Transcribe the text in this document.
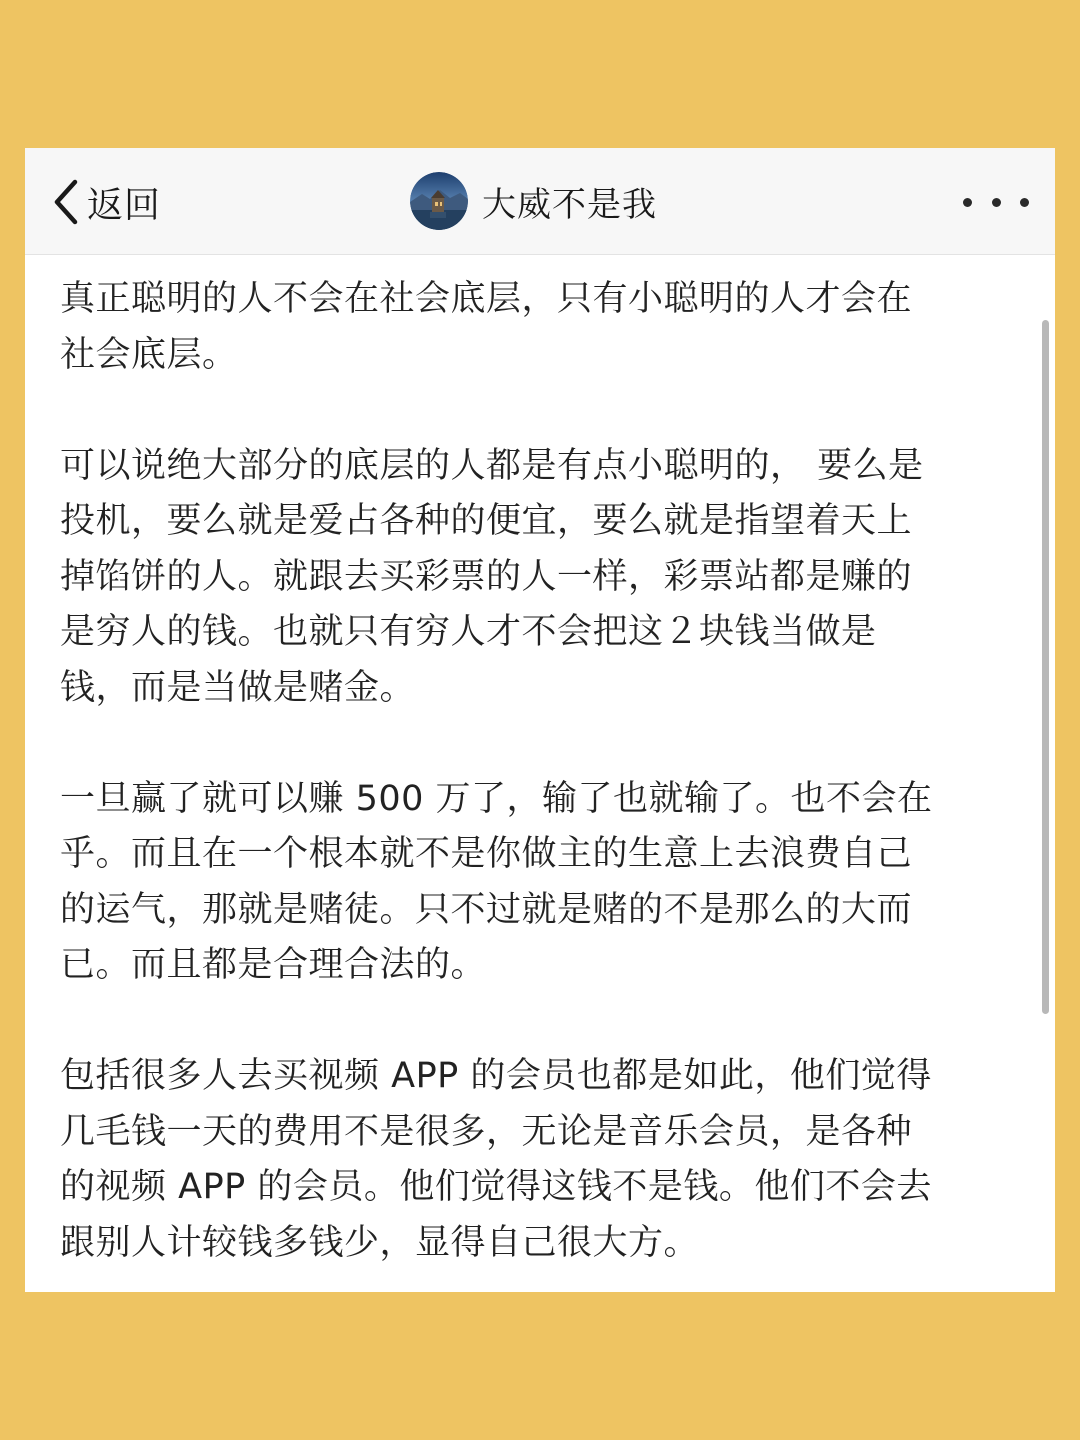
返回	大威不是我

真正聪明的人不会在社会底层，只有小聪明的人才会在
社会底层。

可以说绝大部分的底层的人都是有点小聪明的， 要么是
投机，要么就是爱占各种的便宜，要么就是指望着天上
掉馅饼的人。就跟去买彩票的人一样，彩票站都是赚的
是穷人的钱。也就只有穷人才不会把这２块钱当做是
钱，而是当做是赌金。

一旦赢了就可以赚 500 万了，输了也就输了。也不会在
乎。而且在一个根本就不是你做主的生意上去浪费自己
的运气，那就是赌徒。只不过就是赌的不是那么的大而
已。而且都是合理合法的。

包括很多人去买视频 APP 的会员也都是如此，他们觉得
几毛钱一天的费用不是很多，无论是音乐会员，是各种
的视频 APP 的会员。他们觉得这钱不是钱。他们不会去
跟别人计较钱多钱少，显得自己很大方。
